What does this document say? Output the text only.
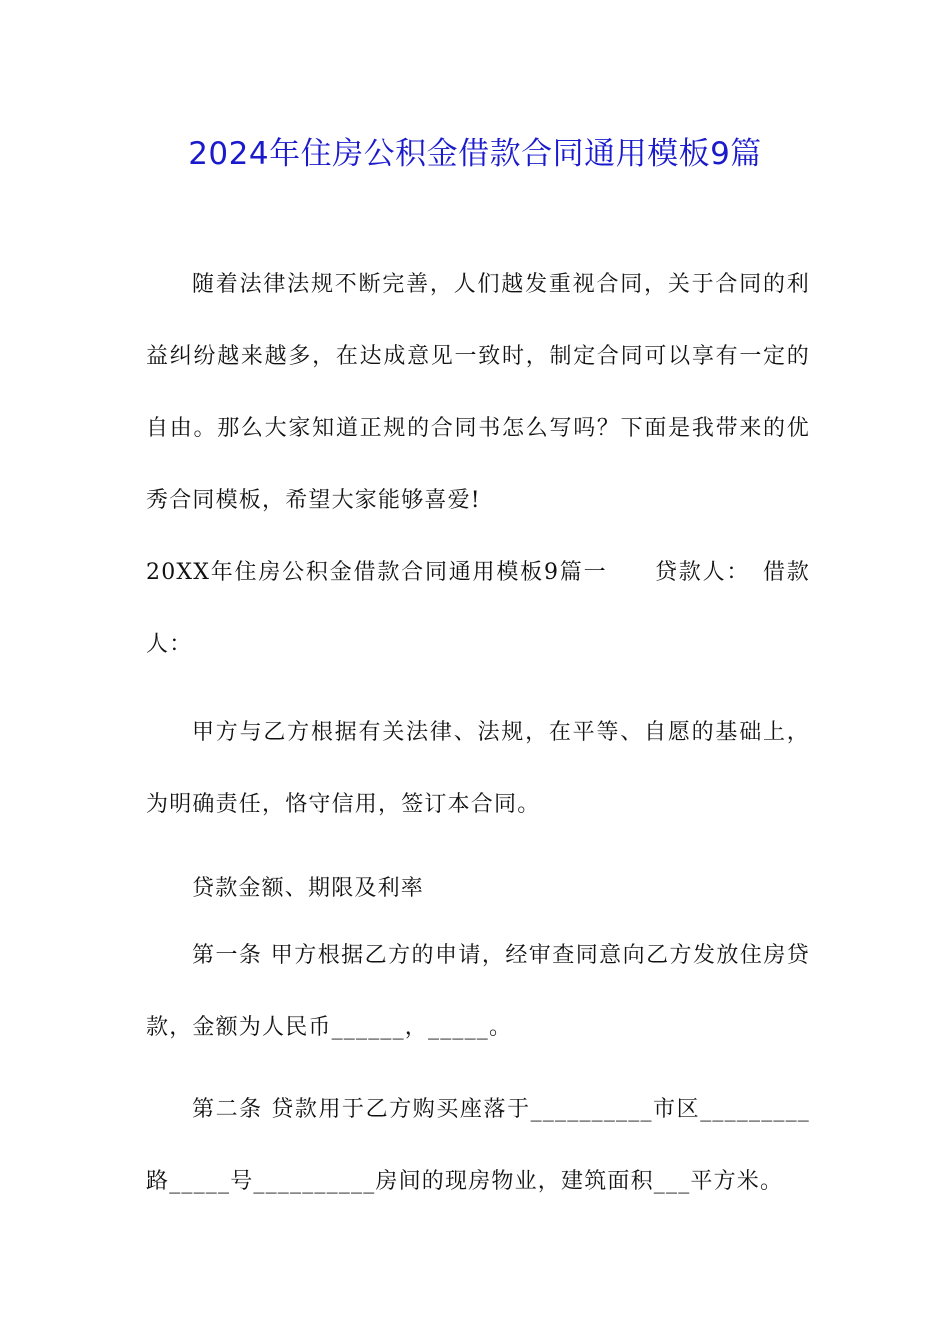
2024年住房公积金借款合同通用模板9篇

随着法律法规不断完善，人们越发重视合同，关于合同的利益纠纷越来越多，在达成意见一致时，制定合同可以享有一定的自由。那么大家知道正规的合同书怎么写吗？下面是我带来的优秀合同模板，希望大家能够喜爱!

20XX年住房公积金借款合同通用模板9篇一　　贷款人：　借款人：

甲方与乙方根据有关法律、法规，在平等、自愿的基础上，为明确责任，恪守信用，签订本合同。

贷款金额、期限及利率

第一条 甲方根据乙方的申请，经审查同意向乙方发放住房贷款，金额为人民币______，_____。

第二条 贷款用于乙方购买座落于__________市区_________路_____号__________房间的现房物业，建筑面积___平方米。
